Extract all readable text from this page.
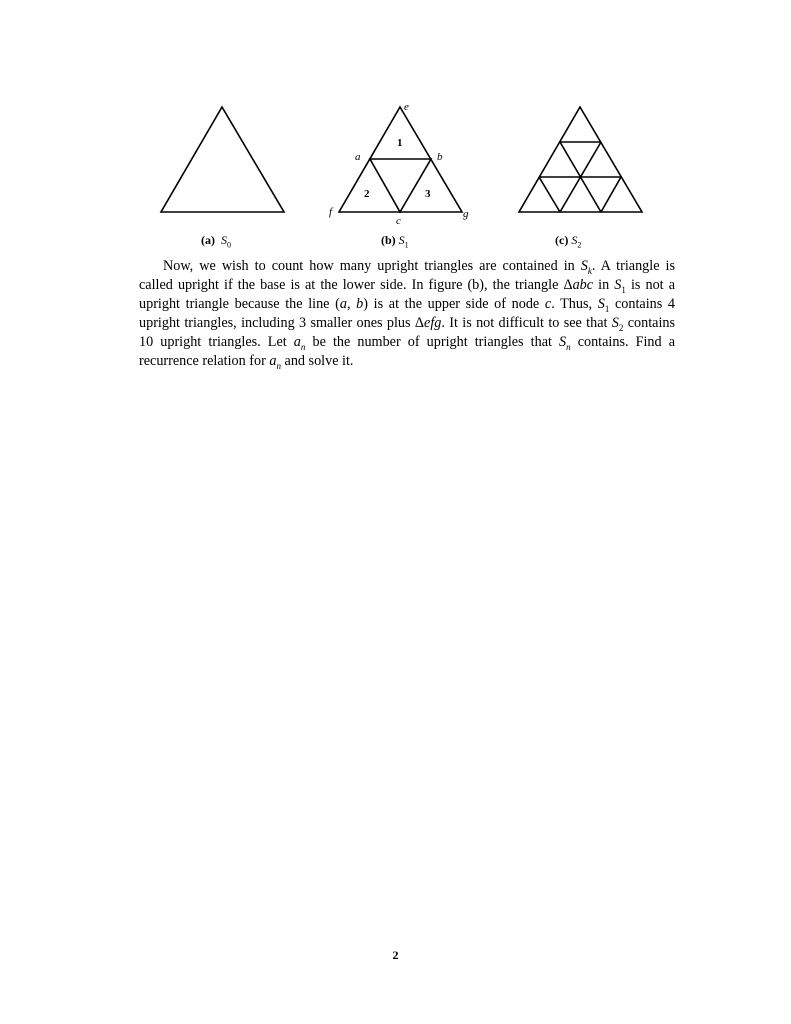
e
a	b
f
c
g
1
2	3
(a) $S_0$	(b) $S_1$	(c) $S_2$

Now, we wish to count how many upright triangles are contained in $S_k$. A triangle is called upright if the base is at the lower side. In figure (b), the triangle Δabc in $S_1$ is not a upright triangle because the line (a, b) is at the upper side of node c. Thus, $S_1$ contains 4 upright triangles, including 3 smaller ones plus Δefg. It is not difficult to see that $S_2$ contains 10 upright triangles. Let $a_n$ be the number of upright triangles that $S_n$ contains. Find a recurrence relation for $a_n$ and solve it.

2
